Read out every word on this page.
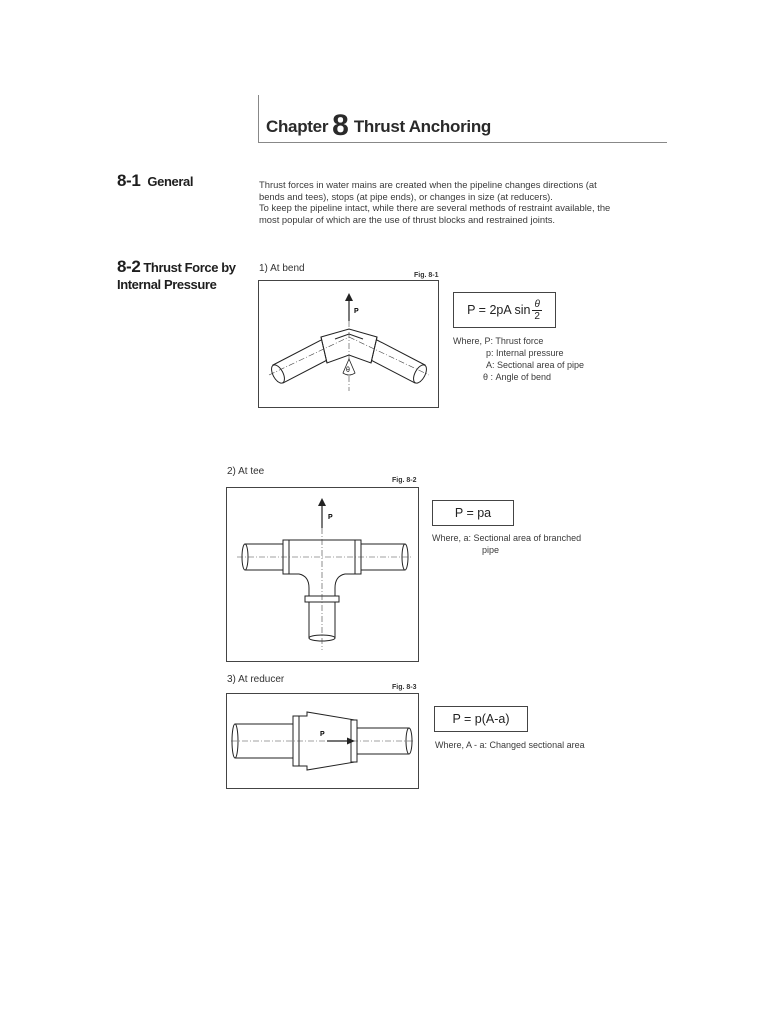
Chapter 8 Thrust Anchoring
8-1 General	Thrust forces in water mains are created when the pipeline changes directions (at
bends and tees), stops (at pipe ends), or changes in size (at reducers).
To keep the pipeline intact, while there are several methods of restraint available, the
most popular of which are the use of thrust blocks and restrained joints.
8-2 Thrust Force by
Internal Pressure
1) At bend
Fig. 8-1
θ
P	P = 2pA $\sin \frac{\theta}{2}$
Where, P: Thrust force
p: Internal pressure
A: Sectional area of pipe
θ : Angle of bend
2) At tee
Fig. 8-2
P	P = pa
Where, a: Sectional area of branched
pipe
3) At reducer
Fig. 8-3
P
P = p(A-a)
Where, A - a: Changed sectional area
